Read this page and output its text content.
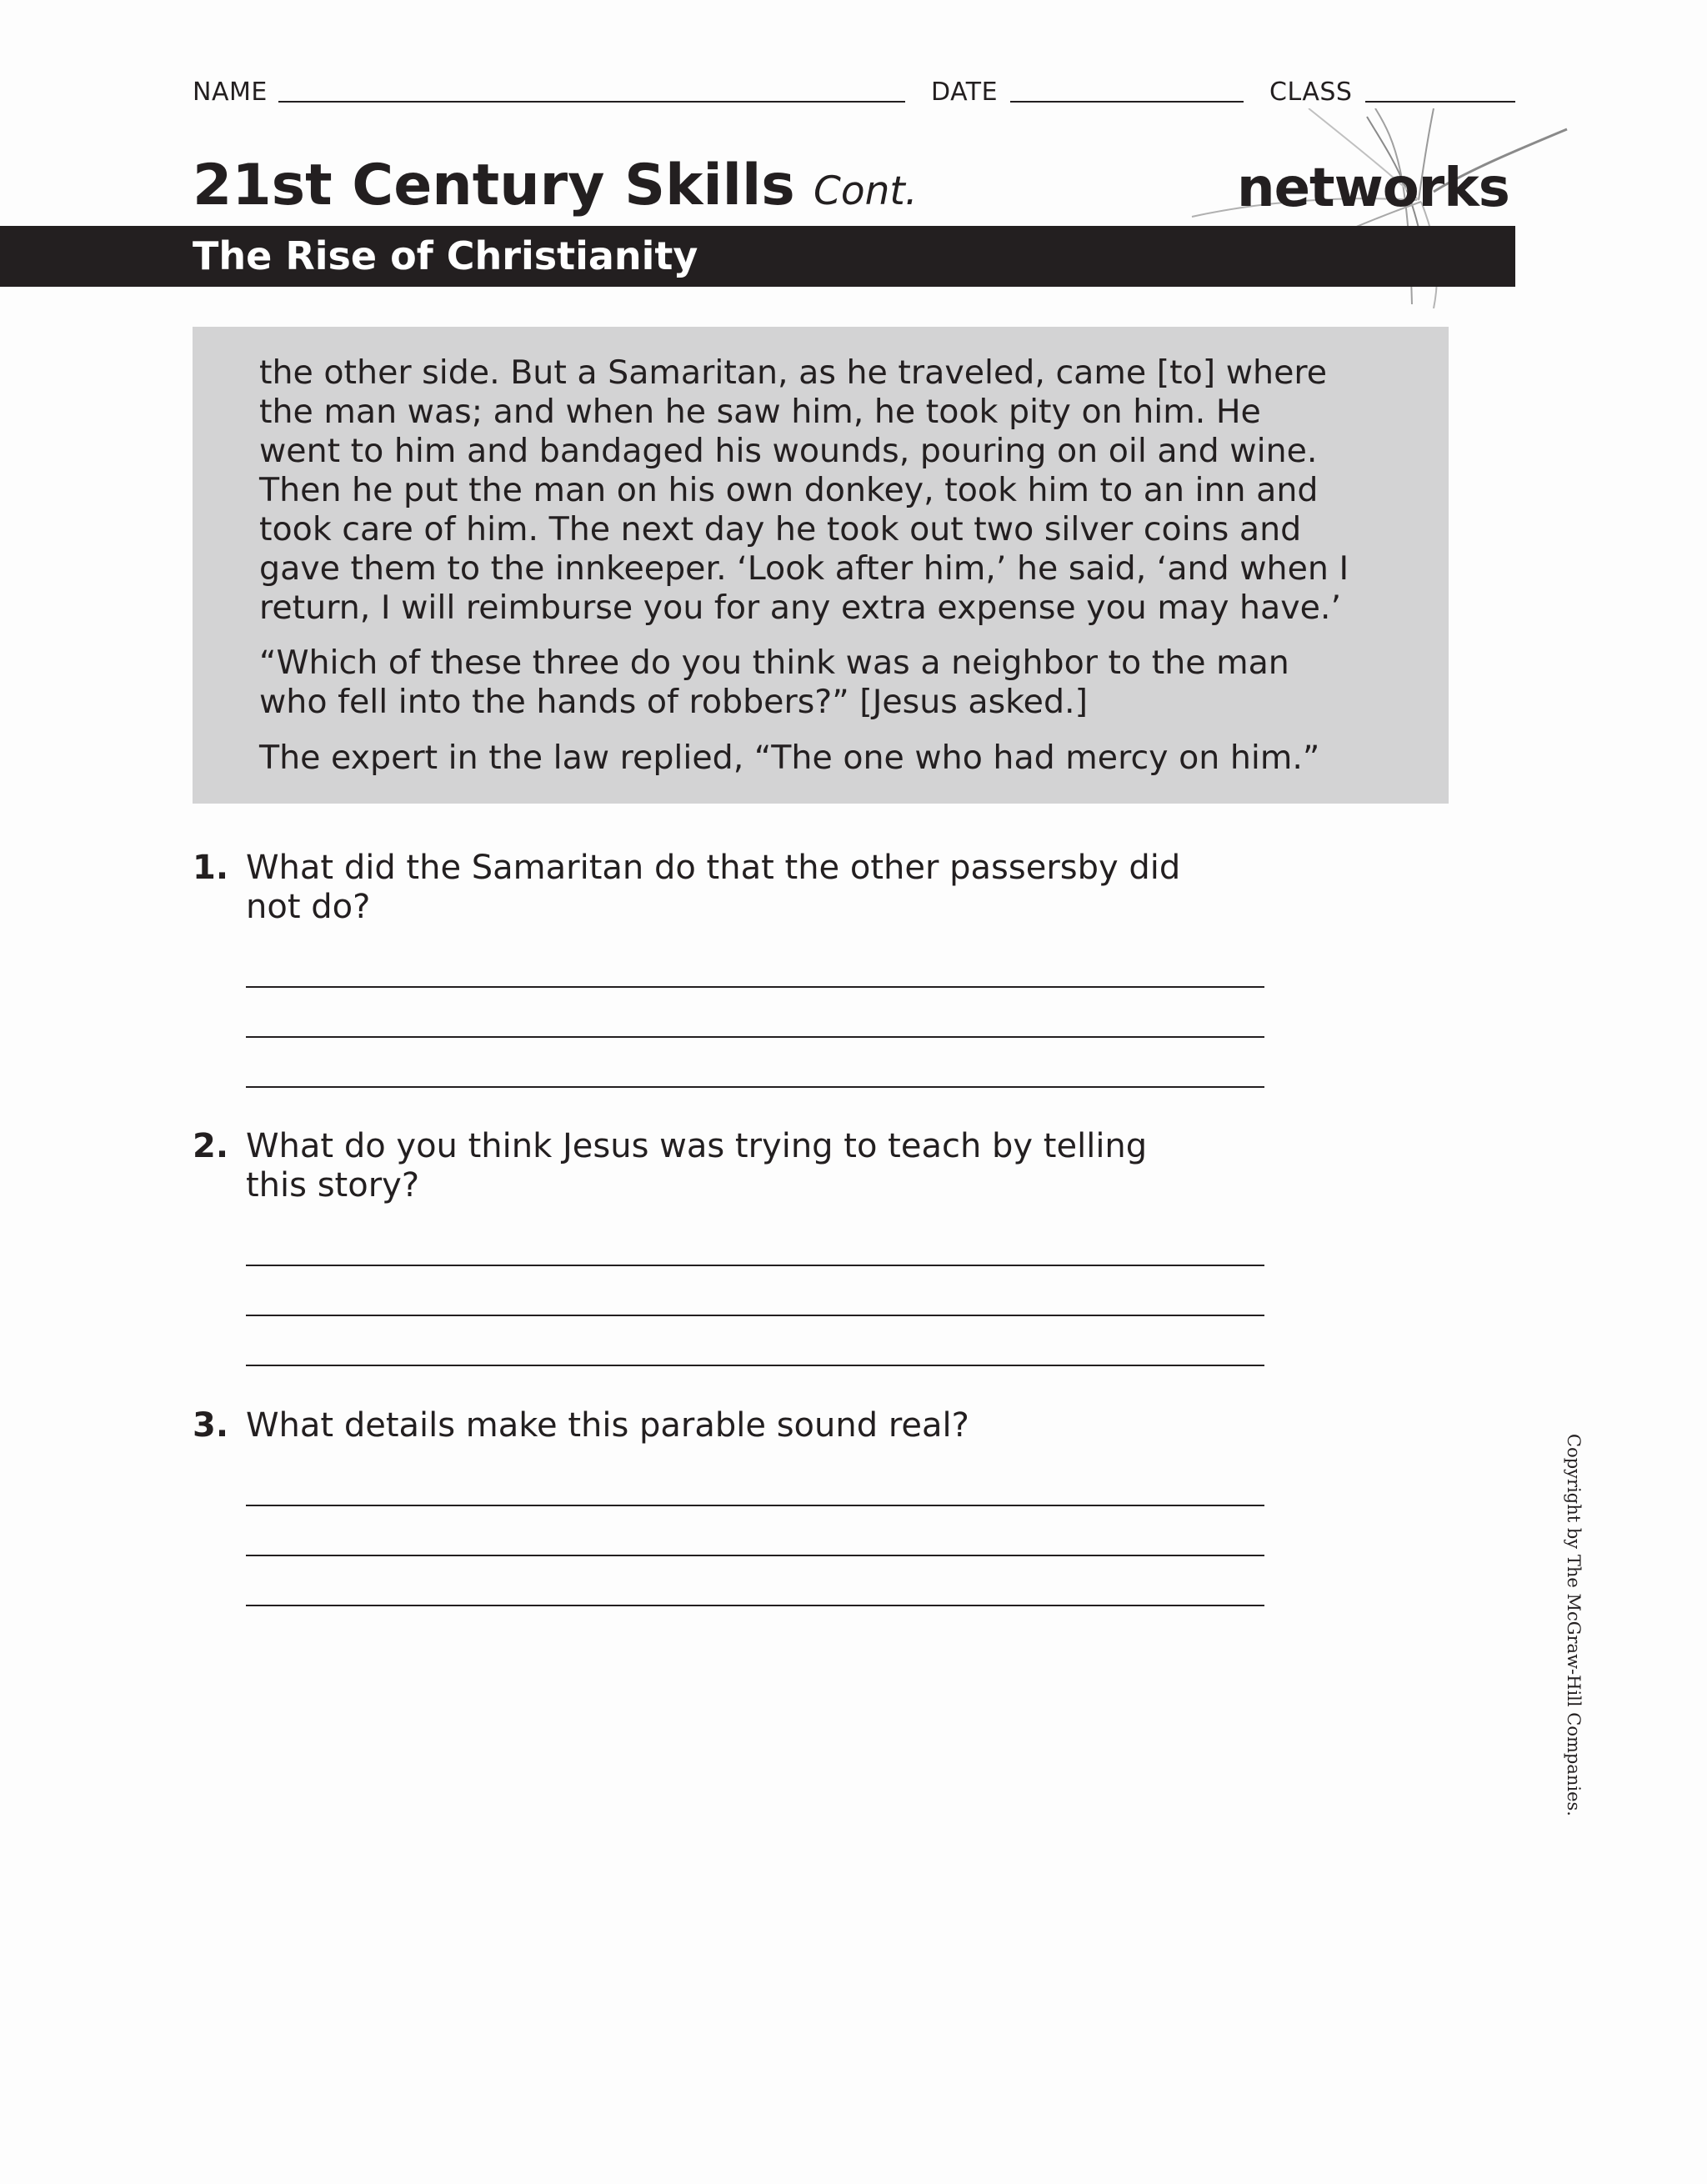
NAME	DATE	CLASS
21st Century Skills Cont.	networks
The Rise of Christianity
the other side. But a Samaritan, as he traveled, came [to] where
the man was; and when he saw him, he took pity on him. He
went to him and bandaged his wounds, pouring on oil and wine.
Then he put the man on his own donkey, took him to an inn and
took care of him. The next day he took out two silver coins and
gave them to the innkeeper. ‘Look after him,’ he said, ‘and when I
return, I will reimburse you for any extra expense you may have.’
“Which of these three do you think was a neighbor to the man
who fell into the hands of robbers?” [Jesus asked.]
The expert in the law replied, “The one who had mercy on him.”
1. What did the Samaritan do that the other passersby did
not do?
2. What do you think Jesus was trying to teach by telling
this story?
3. What details make this parable sound real?
Copyright by The McGraw-Hill Companies.
